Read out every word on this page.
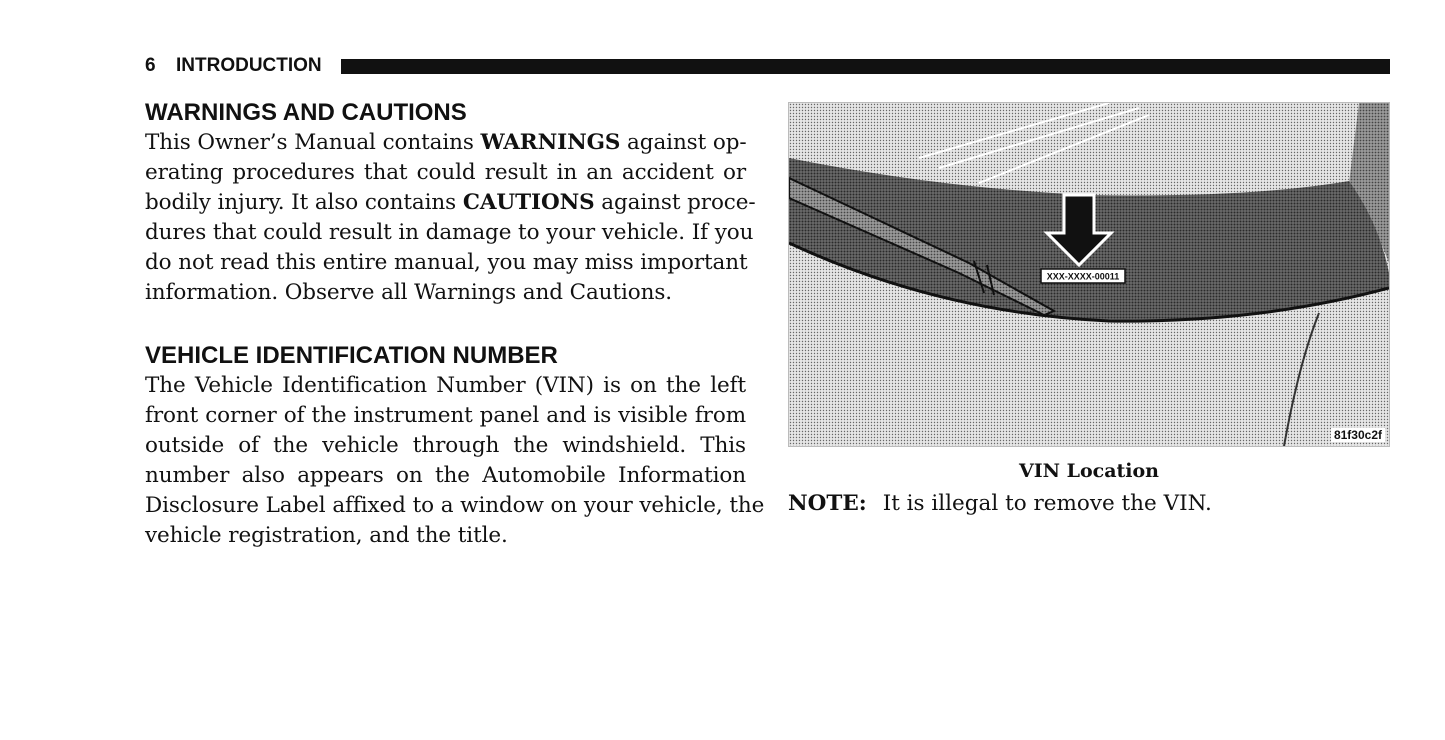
6 INTRODUCTION
WARNINGS AND CAUTIONS

This Owner’s Manual contains WARNINGS against op-
erating procedures that could result in an accident or
bodily injury. It also contains CAUTIONS against proce-
dures that could result in damage to your vehicle. If you
do not read this entire manual, you may miss important
information. Observe all Warnings and Cautions.

VEHICLE IDENTIFICATION NUMBER

The Vehicle Identification Number (VIN) is on the left
front corner of the instrument panel and is visible from
outside of the vehicle through the windshield. This
number also appears on the Automobile Information
Disclosure Label affixed to a window on your vehicle, the
vehicle registration, and the title.

XXX-XXXX-00011
81f30c2f
VIN Location
NOTE: It is illegal to remove the VIN.
